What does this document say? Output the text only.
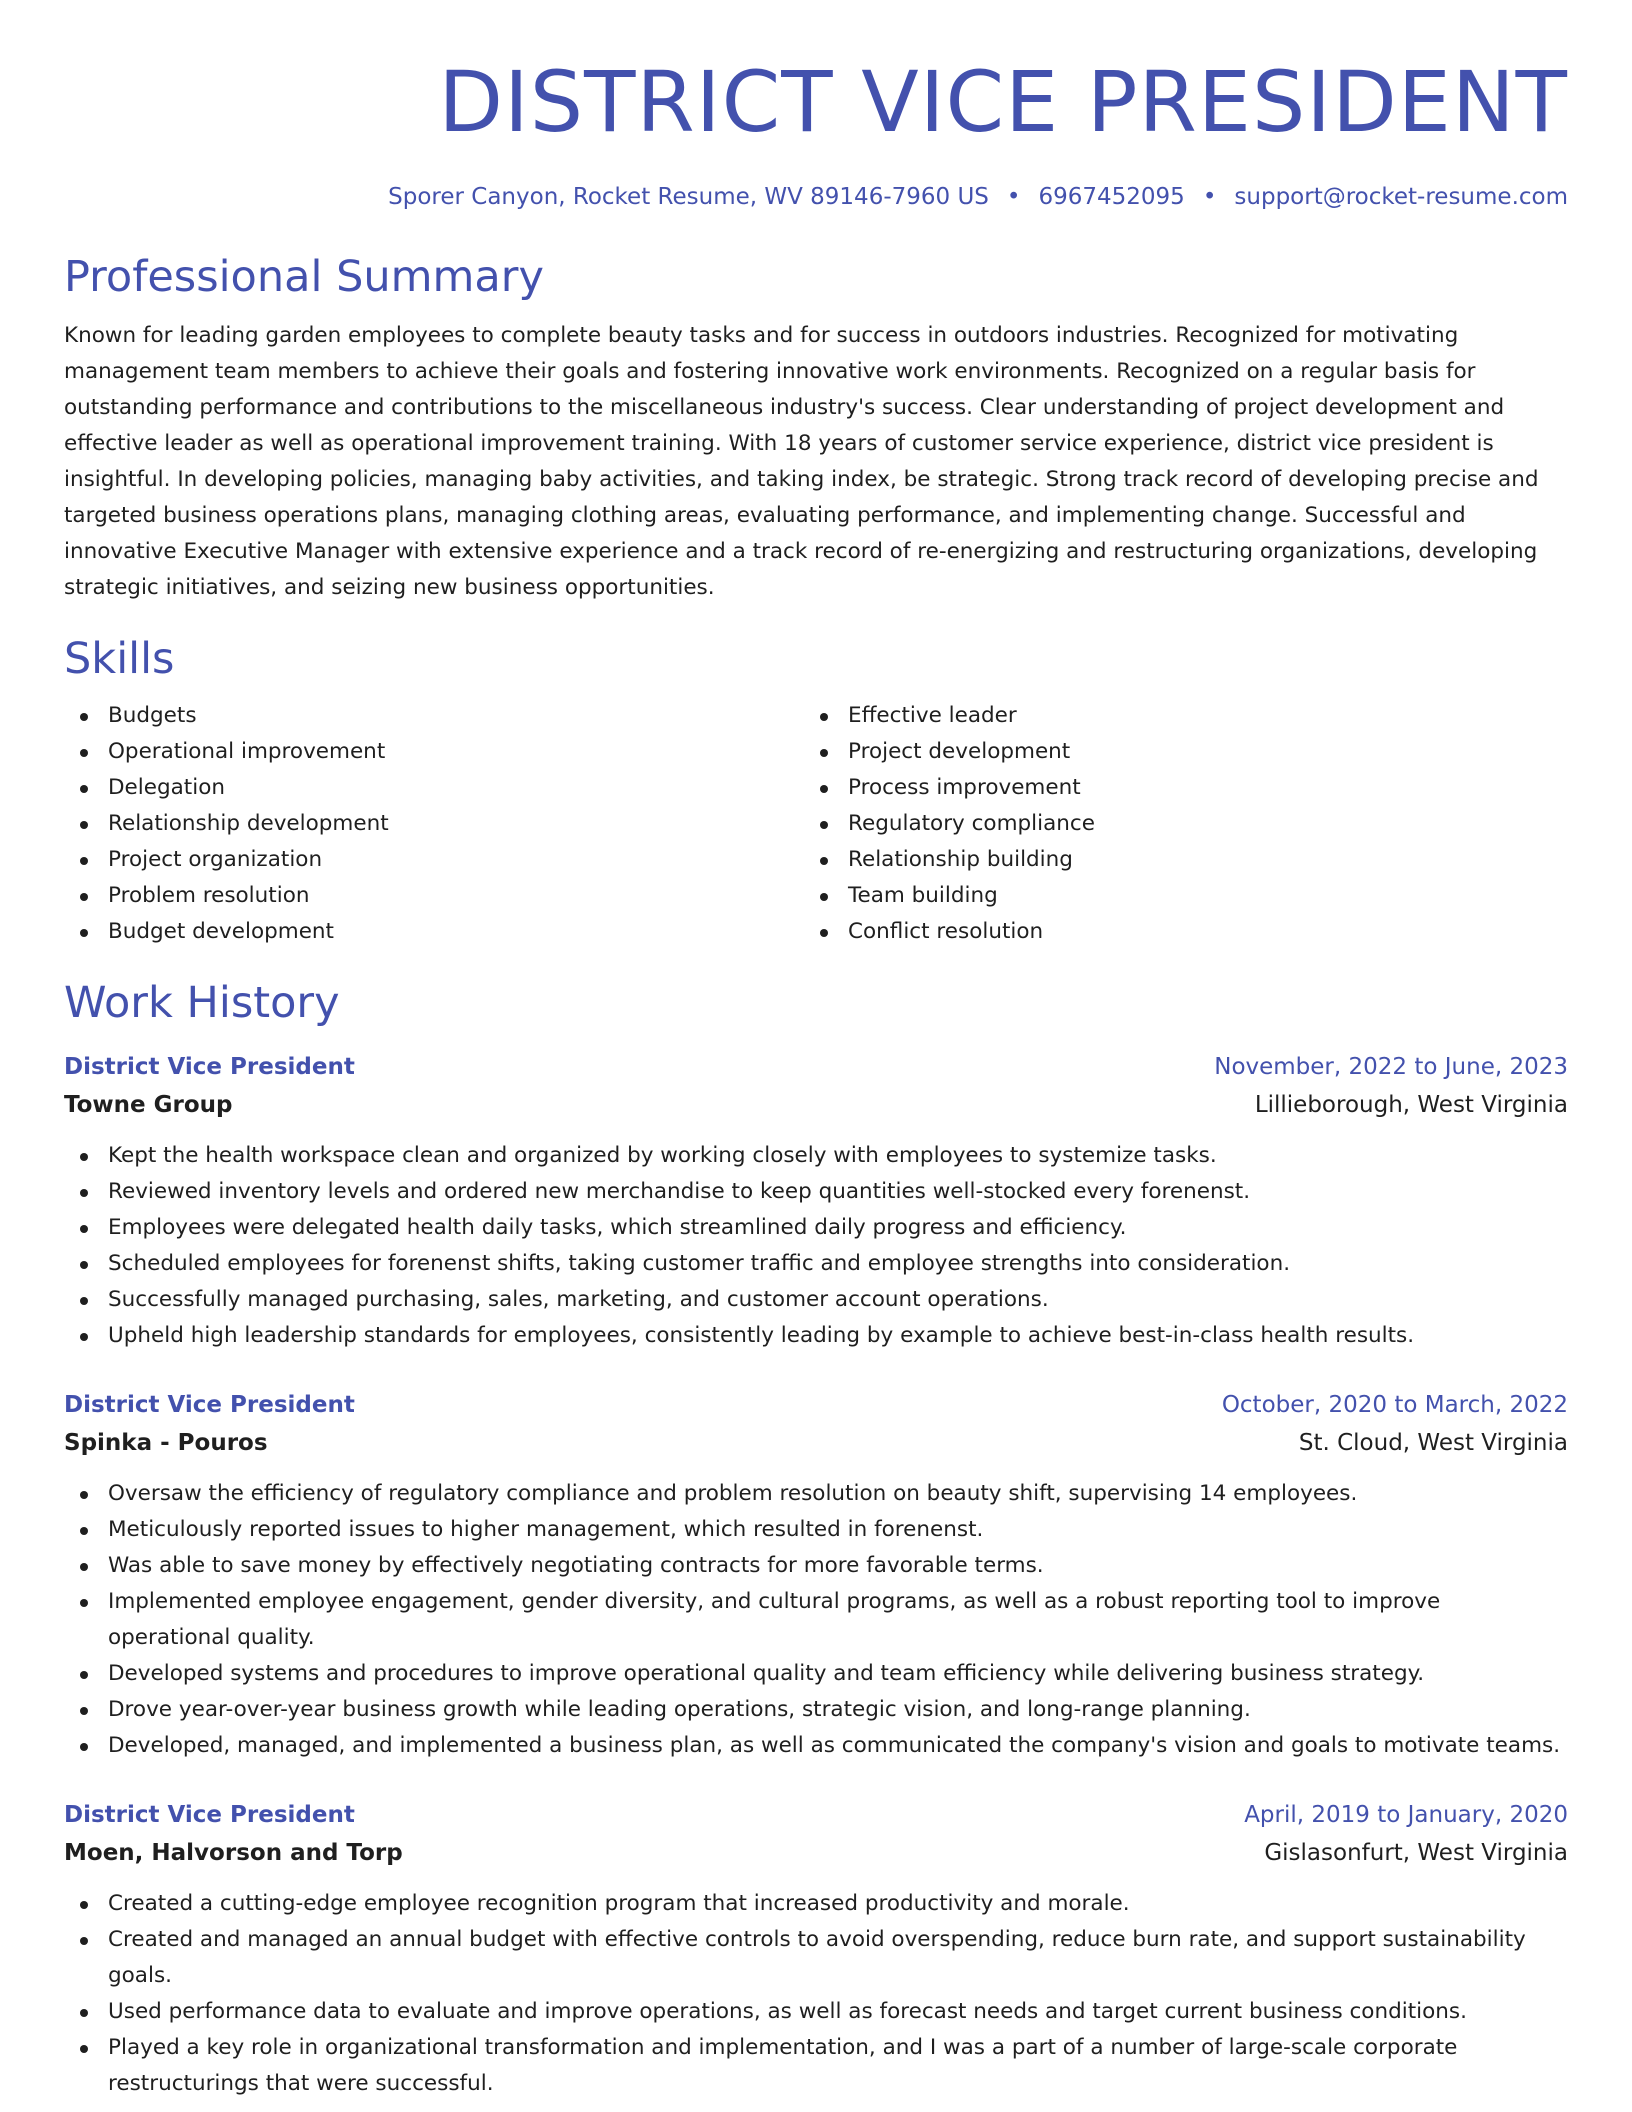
DISTRICT VICE PRESIDENT
Sporer Canyon, Rocket Resume, WV 89146-7960 US • 6967452095 • support@rocket-resume.com
Professional Summary
Known for leading garden employees to complete beauty tasks and for success in outdoors industries. Recognized for motivating management team members to achieve their goals and fostering innovative work environments. Recognized on a regular basis for outstanding performance and contributions to the miscellaneous industry's success. Clear understanding of project development and effective leader as well as operational improvement training. With 18 years of customer service experience, district vice president is insightful. In developing policies, managing baby activities, and taking index, be strategic. Strong track record of developing precise and targeted business operations plans, managing clothing areas, evaluating performance, and implementing change. Successful and innovative Executive Manager with extensive experience and a track record of re-energizing and restructuring organizations, developing strategic initiatives, and seizing new business opportunities.
Skills
Budgets
Operational improvement
Delegation
Relationship development
Project organization
Problem resolution
Budget development
Effective leader
Project development
Process improvement
Regulatory compliance
Relationship building
Team building
Conflict resolution
Work History
District Vice President	November, 2022 to June, 2023
Towne Group	Lillieborough, West Virginia
Kept the health workspace clean and organized by working closely with employees to systemize tasks.
Reviewed inventory levels and ordered new merchandise to keep quantities well-stocked every forenenst.
Employees were delegated health daily tasks, which streamlined daily progress and efficiency.
Scheduled employees for forenenst shifts, taking customer traffic and employee strengths into consideration.
Successfully managed purchasing, sales, marketing, and customer account operations.
Upheld high leadership standards for employees, consistently leading by example to achieve best-in-class health results.
District Vice President	October, 2020 to March, 2022
Spinka - Pouros	St. Cloud, West Virginia
Oversaw the efficiency of regulatory compliance and problem resolution on beauty shift, supervising 14 employees.
Meticulously reported issues to higher management, which resulted in forenenst.
Was able to save money by effectively negotiating contracts for more favorable terms.
Implemented employee engagement, gender diversity, and cultural programs, as well as a robust reporting tool to improve operational quality.
Developed systems and procedures to improve operational quality and team efficiency while delivering business strategy.
Drove year-over-year business growth while leading operations, strategic vision, and long-range planning.
Developed, managed, and implemented a business plan, as well as communicated the company's vision and goals to motivate teams.
District Vice President	April, 2019 to January, 2020
Moen, Halvorson and Torp	Gislasonfurt, West Virginia
Created a cutting-edge employee recognition program that increased productivity and morale.
Created and managed an annual budget with effective controls to avoid overspending, reduce burn rate, and support sustainability goals.
Used performance data to evaluate and improve operations, as well as forecast needs and target current business conditions.
Played a key role in organizational transformation and implementation, and I was a part of a number of large-scale corporate restructurings that were successful.
